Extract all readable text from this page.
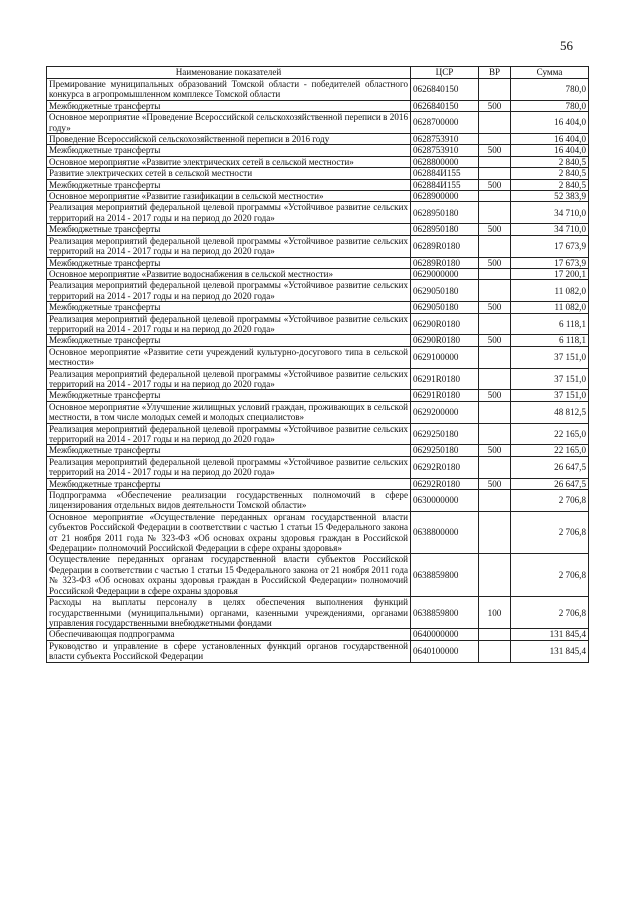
56
Наименование показателей	ЦСР	ВР	Сумма
Премирование муниципальных образований Томской области - победителей областного конкурса в агропромышленном комплексе Томской области	0626840150		780,0
Межбюджетные трансферты	0626840150	500	780,0
Основное мероприятие «Проведение Всероссийской сельскохозяйственной переписи в 2016 году»	0628700000		16 404,0
Проведение Всероссийской сельскохозяйственной переписи в 2016 году	0628753910		16 404,0
Межбюджетные трансферты	0628753910	500	16 404,0
Основное мероприятие «Развитие электрических сетей в сельской местности»	0628800000		2 840,5
Развитие электрических сетей в сельской местности	062884И155		2 840,5
Межбюджетные трансферты	062884И155	500	2 840,5
Основное мероприятие «Развитие газификации в сельской местности»	0628900000		52 383,9
Реализация мероприятий федеральной целевой программы «Устойчивое развитие сельских территорий на 2014 - 2017 годы и на период до 2020 года»	0628950180		34 710,0
Межбюджетные трансферты	0628950180	500	34 710,0
Реализация мероприятий федеральной целевой программы «Устойчивое развитие сельских территорий на 2014 - 2017 годы и на период до 2020 года»	06289R0180		17 673,9
Межбюджетные трансферты	06289R0180	500	17 673,9
Основное мероприятие «Развитие водоснабжения в сельской местности»	0629000000		17 200,1
Реализация мероприятий федеральной целевой программы «Устойчивое развитие сельских территорий на 2014 - 2017 годы и на период до 2020 года»	0629050180		11 082,0
Межбюджетные трансферты	0629050180	500	11 082,0
Реализация мероприятий федеральной целевой программы «Устойчивое развитие сельских территорий на 2014 - 2017 годы и на период до 2020 года»	06290R0180		6 118,1
Межбюджетные трансферты	06290R0180	500	6 118,1
Основное мероприятие «Развитие сети учреждений культурно-досугового типа в сельской местности»	0629100000		37 151,0
Реализация мероприятий федеральной целевой программы «Устойчивое развитие сельских территорий на 2014 - 2017 годы и на период до 2020 года»	06291R0180		37 151,0
Межбюджетные трансферты	06291R0180	500	37 151,0
Основное мероприятие «Улучшение жилищных условий граждан, проживающих в сельской местности, в том числе молодых семей и молодых специалистов»	0629200000		48 812,5
Реализация мероприятий федеральной целевой программы «Устойчивое развитие сельских территорий на 2014 - 2017 годы и на период до 2020 года»	0629250180		22 165,0
Межбюджетные трансферты	0629250180	500	22 165,0
Реализация мероприятий федеральной целевой программы «Устойчивое развитие сельских территорий на 2014 - 2017 годы и на период до 2020 года»	06292R0180		26 647,5
Межбюджетные трансферты	06292R0180	500	26 647,5
Подпрограмма «Обеспечение реализации государственных полномочий в сфере лицензирования отдельных видов деятельности Томской области»	0630000000		2 706,8
Основное мероприятие «Осуществление переданных органам государственной власти субъектов Российской Федерации в соответствии с частью 1 статьи 15 Федерального закона от 21 ноября 2011 года № 323-ФЗ «Об основах охраны здоровья граждан в Российской Федерации» полномочий Российской Федерации в сфере охраны здоровья»	0638800000		2 706,8
Осуществление переданных органам государственной власти субъектов Российской Федерации в соответствии с частью 1 статьи 15 Федерального закона от 21 ноября 2011 года № 323-ФЗ «Об основах охраны здоровья граждан в Российской Федерации» полномочий Российской Федерации в сфере охраны здоровья	0638859800		2 706,8
Расходы на выплаты персоналу в целях обеспечения выполнения функций государственными (муниципальными) органами, казенными учреждениями, органами управления государственными внебюджетными фондами	0638859800	100	2 706,8
Обеспечивающая подпрограмма	0640000000		131 845,4
Руководство и управление в сфере установленных функций органов государственной власти субъекта Российской Федерации	0640100000		131 845,4
